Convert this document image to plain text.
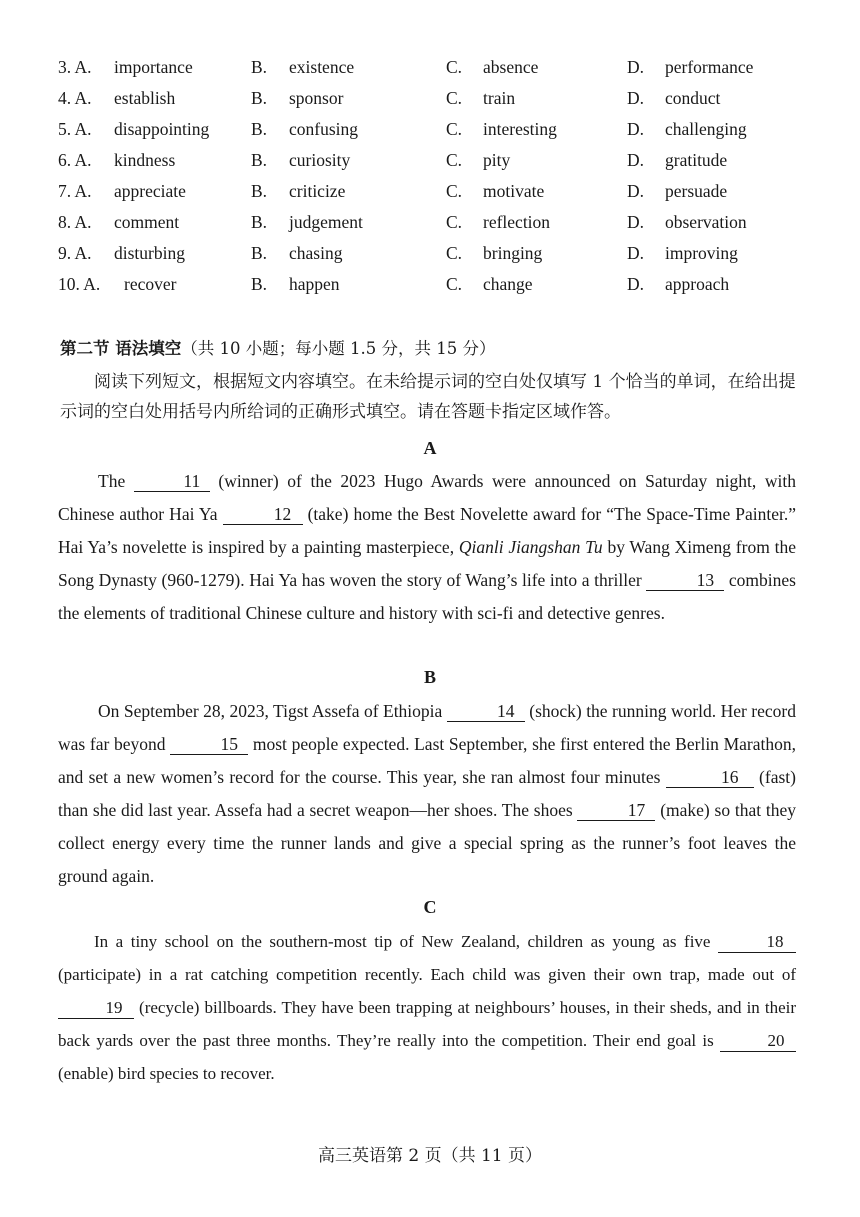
3. A. importance	B. existence	C. absence	D. performance
4. A. establish	B. sponsor	C. train	D. conduct
5. A. disappointing B. confusing	C. interesting	D. challenging
6. A. kindness	B. curiosity	C. pity	D. gratitude
7. A. appreciate	B. criticize	C. motivate	D. persuade
8. A. comment	B. judgement	C. reflection	D. observation
9. A. disturbing	B. chasing	C. bringing	D. improving
10. A. recover	B. happen	C. change	D. approach
第二节 语法填空（共 10 小题；每小题 1.5 分，共 15 分）
阅读下列短文，根据短文内容填空。在未给提示词的空白处仅填写 1 个恰当的单词，在给出提示词的空白处用括号内所给词的正确形式填空。请在答题卡指定区域作答。
A
The	11 (winner) of the 2023 Hugo Awards were announced on Saturday night, with Chinese author Hai Ya	12 (take) home the Best Novelette award for “The Space-Time Painter.” Hai Ya’s novelette is inspired by a painting masterpiece, Qianli Jiangshan Tu by Wang Ximeng from the Song Dynasty (960-1279). Hai Ya has woven the story of Wang’s life into a thriller	13 combines the elements of traditional Chinese culture and history with sci-fi and detective genres.
B
On September 28, 2023, Tigst Assefa of Ethiopia	14 (shock) the running world. Her record was far beyond	15 most people expected. Last September, she first entered the Berlin Marathon, and set a new women’s record for the course. This year, she ran almost four minutes	16 (fast) than she did last year. Assefa had a secret weapon—her shoes. The shoes	17 (make) so that they collect energy every time the runner lands and give a special spring as the runner’s foot leaves the ground again.
C
In a tiny school on the southern-most tip of New Zealand, children as young as five	18 (participate) in a rat catching competition recently. Each child was given their own trap, made out of 19 (recycle) billboards. They have been trapping at neighbours’ houses, in their sheds, and in their back yards over the past three months. They’re really into the competition. Their end goal is	20 (enable) bird species to recover.
高三英语第 2 页（共 11 页）
